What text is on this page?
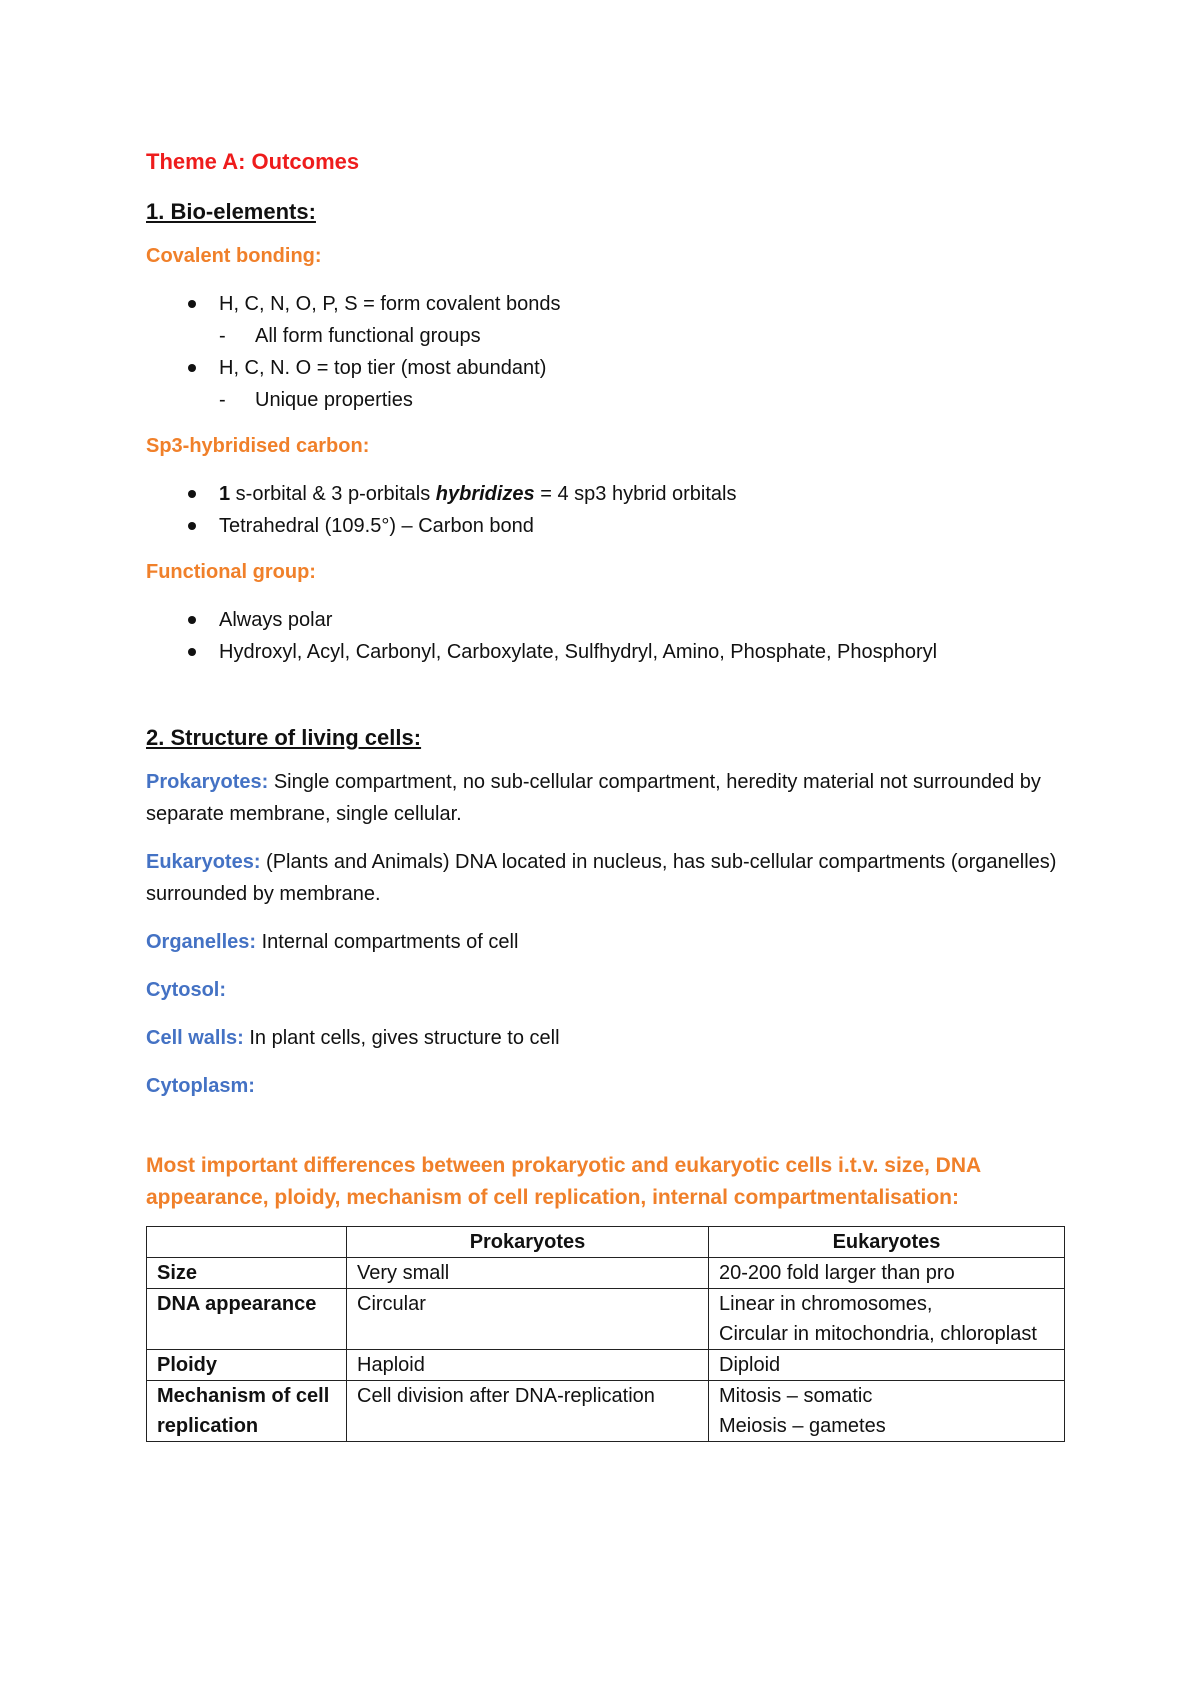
Theme A: Outcomes
1. Bio-elements:
Covalent bonding:
H, C, N, O, P, S = form covalent bonds
- All form functional groups
H, C, N. O = top tier (most abundant)
- Unique properties
Sp3-hybridised carbon:
1 s-orbital & 3 p-orbitals hybridizes = 4 sp3 hybrid orbitals
Tetrahedral (109.5°) – Carbon bond
Functional group:
Always polar
Hydroxyl, Acyl, Carbonyl, Carboxylate, Sulfhydryl, Amino, Phosphate, Phosphoryl
2. Structure of living cells:

Prokaryotes: Single compartment, no sub-cellular compartment, heredity material not surrounded by separate membrane, single cellular.

Eukaryotes: (Plants and Animals) DNA located in nucleus, has sub-cellular compartments (organelles) surrounded by membrane.

Organelles: Internal compartments of cell

Cytosol:

Cell walls: In plant cells, gives structure to cell

Cytoplasm:

Most important differences between prokaryotic and eukaryotic cells i.t.v. size, DNA appearance, ploidy, mechanism of cell replication, internal compartmentalisation:
	Prokaryotes	Eukaryotes
Size	Very small	20-200 fold larger than pro
DNA appearance	Circular	Linear in chromosomes,
Circular in mitochondria, chloroplast
Ploidy	Haploid	Diploid
Mechanism of cell replication	Cell division after DNA-replication	Mitosis – somatic
Meiosis – gametes
